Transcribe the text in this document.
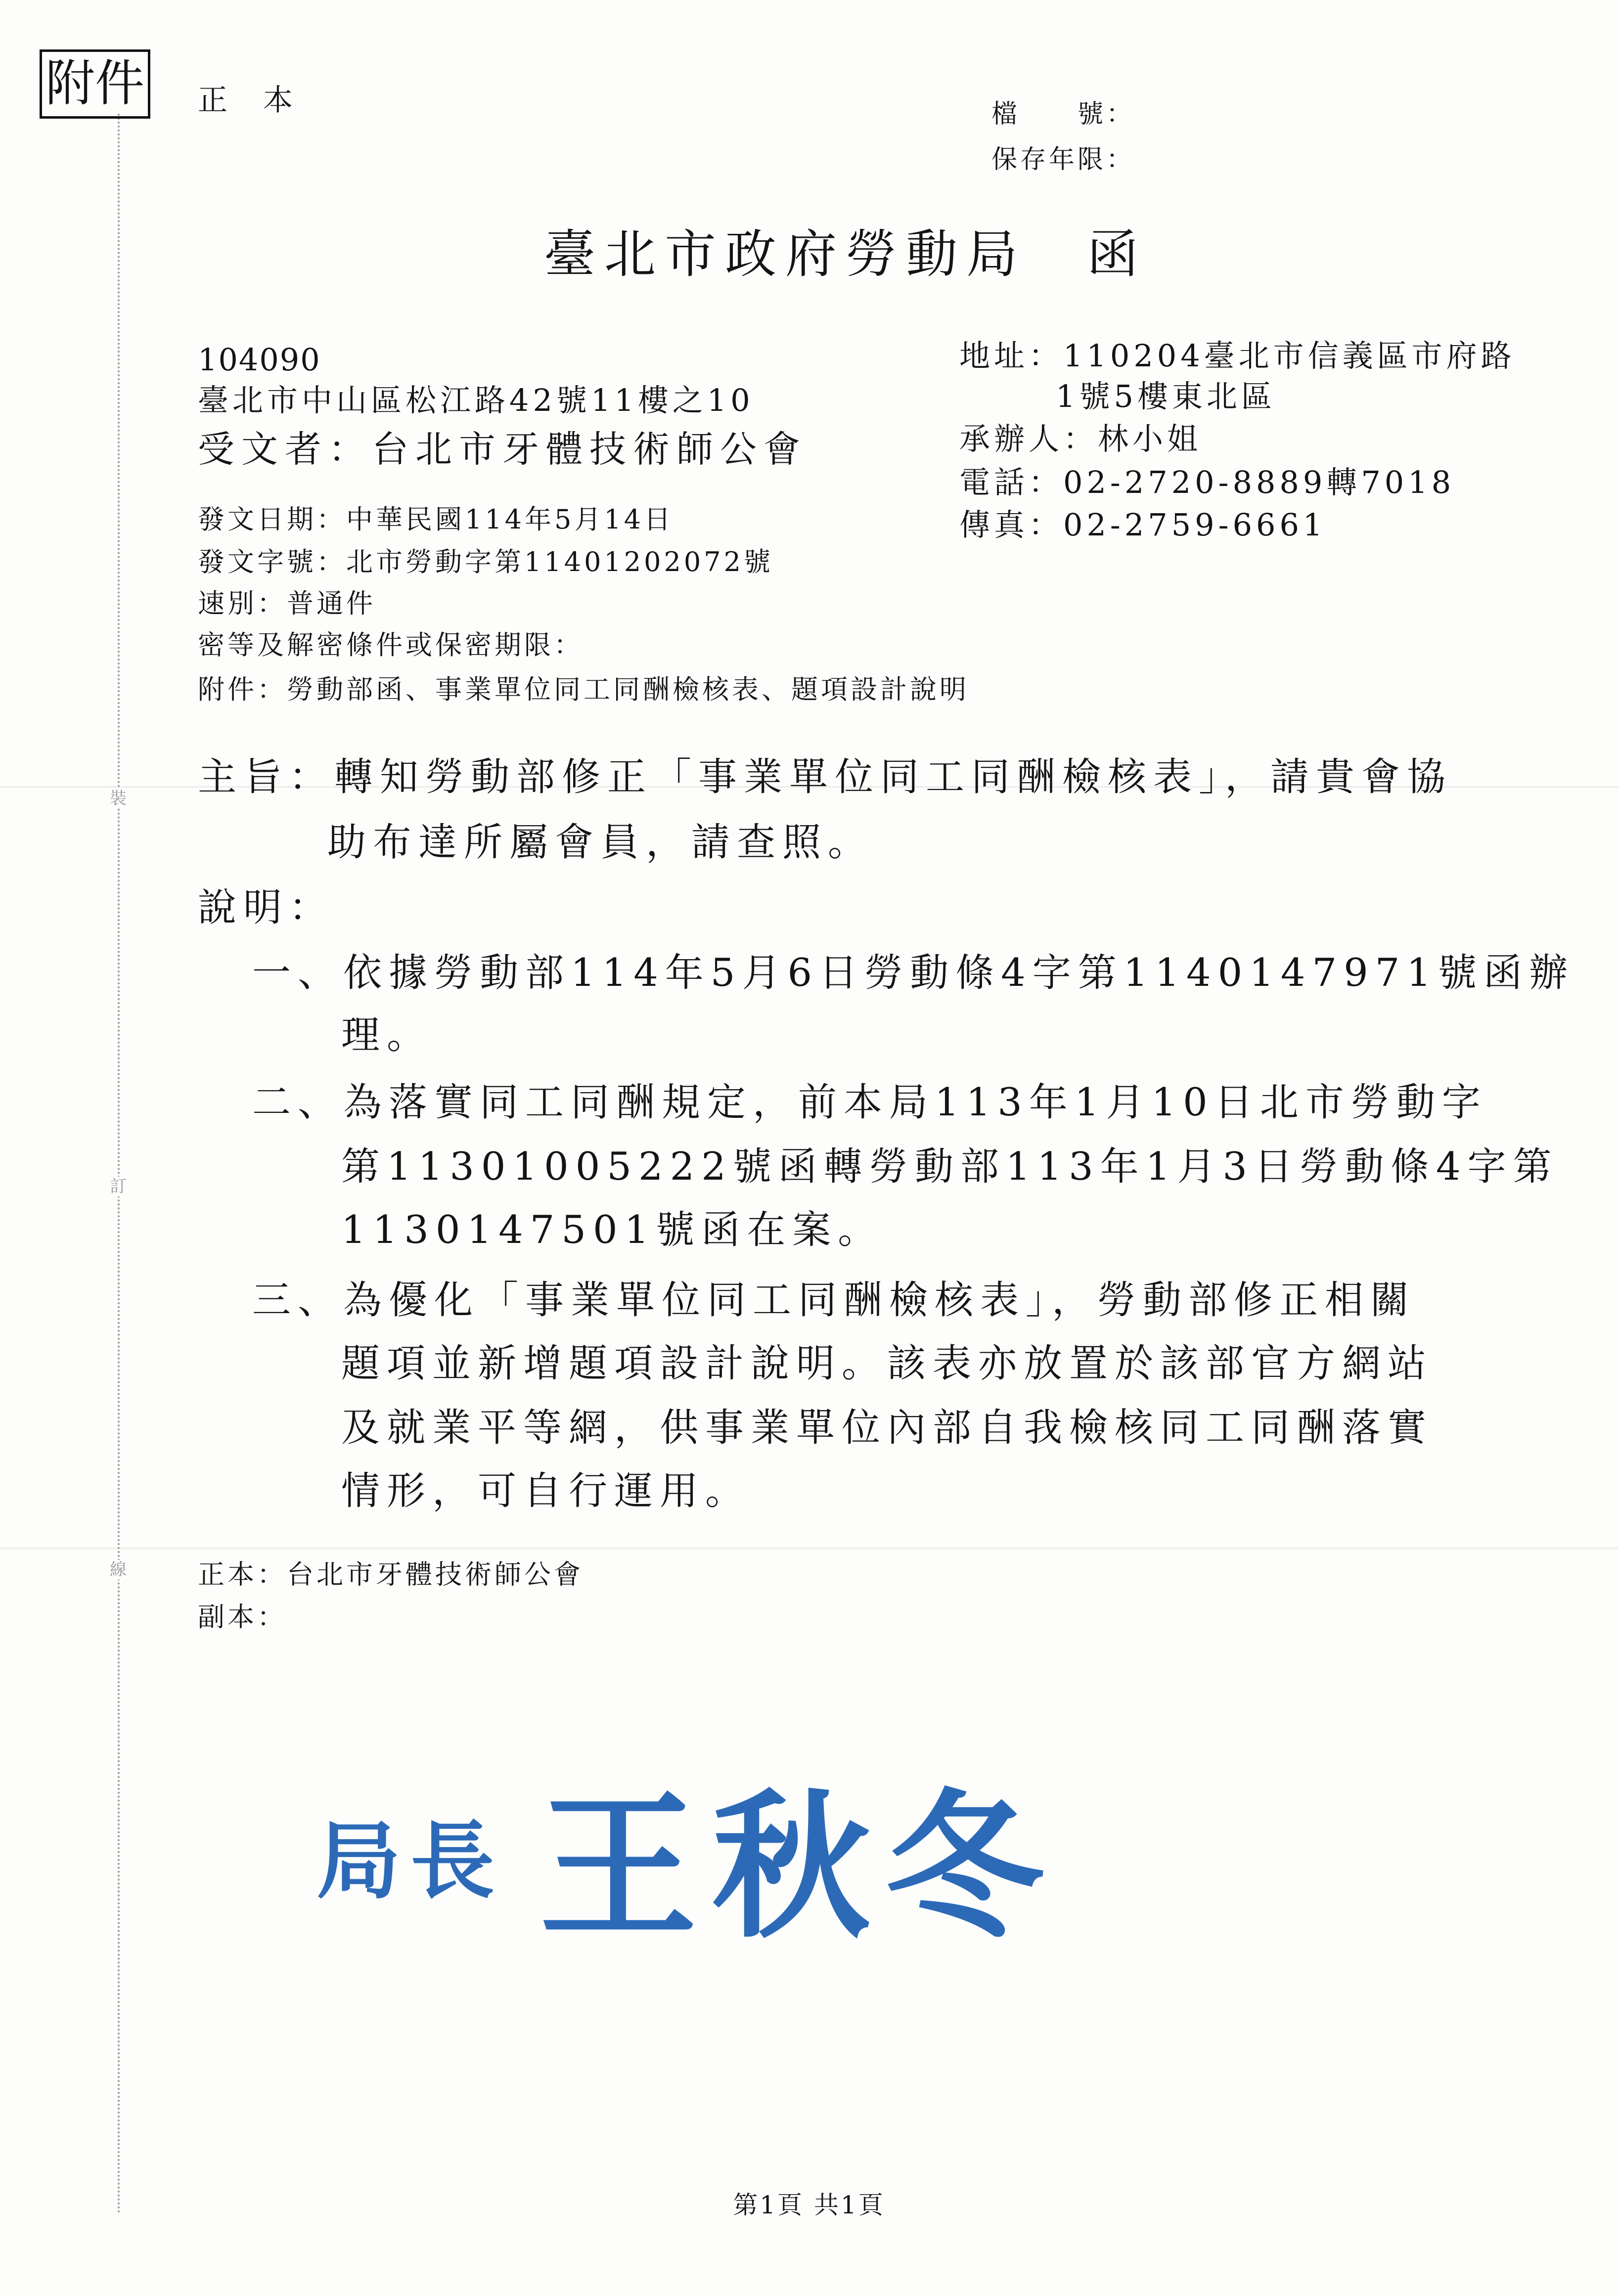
裝
訂
線
附件 正　本	檔　　號：
保存年限：
臺北市政府勞動局　函
104090
臺北市中山區松江路42號11樓之10
受文者：台北市牙體技術師公會
地址：110204臺北市信義區市府路
1號5樓東北區
承辦人：林小姐
電話：02-2720-8889轉7018
傳真：02-2759-6661
發文日期：中華民國114年5月14日
發文字號：北市勞動字第11401202072號
速別：普通件
密等及解密條件或保密期限：
附件：勞動部函、事業單位同工同酬檢核表、題項設計說明
主旨：轉知勞動部修正「事業單位同工同酬檢核表」，請貴會協
助布達所屬會員，請查照。
說明：
一、依據勞動部114年5月6日勞動條4字第1140147971號函辦
理。
二、為落實同工同酬規定，前本局113年1月10日北市勞動字
第11301005222號函轉勞動部113年1月3日勞動條4字第
1130147501號函在案。
三、為優化「事業單位同工同酬檢核表」，勞動部修正相關
題項並新增題項設計說明。該表亦放置於該部官方網站
及就業平等網，供事業單位內部自我檢核同工同酬落實
情形，可自行運用。
正本：台北市牙體技術師公會
副本：
局長 王秋冬
第1頁 共1頁
